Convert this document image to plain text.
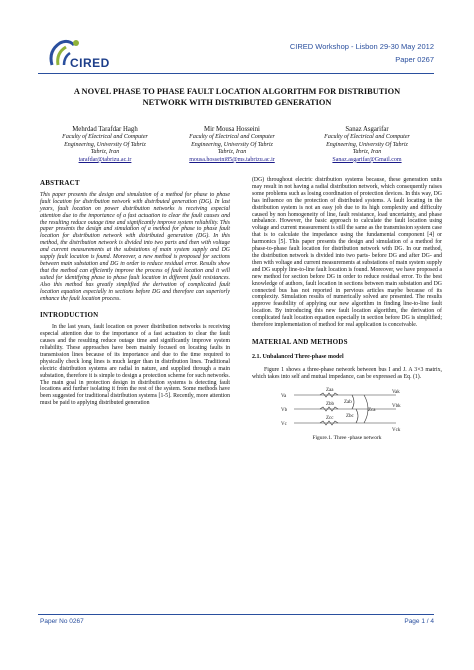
CIRED
CIRED Workshop - Lisbon 29-30 May 2012
Paper 0267
A NOVEL PHASE TO PHASE FAULT LOCATION ALGORITHM FOR DISTRIBUTION
NETWORK WITH DISTRIBUTED GENERATION
Mehrdad Tarafdar Hagh
Faculty of Electrical and Computer
Engineering, University Of Tabriz
Tabriz, Iran
tarafdar@tabrizu.ac.ir
Mir Mousa Hosseini
Faculty of Electrical and Computer
Engineering, University Of Tabriz
Tabriz, Iran
mousa.hosseini85@ms.tabrizu.ac.ir
Sanaz Asgarifar
Faculty of Electrical and Computer
Engineering, University Of Tabriz
Tabriz, Iran
Sanaz.asgarifar@Gmail.com
ABSTRACT

This paper presents the design and simulation of a method for phase to phase fault location for distribution network with distributed generation (DG). In last years, fault location on power distribution networks is receiving especial attention due to the importance of a fast actuation to clear the fault causes and the resulting reduce outage time and significantly improve system reliability. This paper presents the design and simulation of a method for phase to phase fault location for distribution network with distributed generation (DG). In this method, the distribution network is divided into two parts and then with voltage and current measurements at the substations of main system supply and DG supply fault location is found. Moreover, a new method is proposed for sections between main substation and DG in order to reduce residual error. Results show that the method can efficiently improve the process of fault location and it will suited for identifying phase to phase fault location in different fault resistances. Also this method has greatly simplified the derivation of complicated fault location equation especially in sections before DG and therefore can superiorly enhance the fault location process.

INTRODUCTION

In the last years, fault location on power distribution networks is receiving especial attention due to the importance of a fast actuation to clear the fault causes and the resulting reduce outage time and significantly improve system reliability. These approaches have been mainly focused on locating faults in transmission lines because of its importance and due to the time required to physically check long lines is much larger than in distribution lines. Traditional electric distribution systems are radial in nature, and supplied through a main substation, therefore it is simple to design a protection scheme for such networks. The main goal in protection design in distribution systems is detecting fault locations and further isolating it from the rest of the system. Some methods have been suggested for traditional distribution systems [1-5]. Recently, more attention must be paid to applying distributed generation

(DG) throughout electric distribution systems because, these generation units may result in not having a radial distribution network, which consequently raises some problems such as losing coordination of protection devices. In this way, DG has influence on the protection of distributed systems. A fault locating in the distribution system is not an easy job due to its high complexity and difficulty caused by non homogeneity of line, fault resistance, load uncertainty, and phase unbalance. However, the basic approach to calculate the fault location using voltage and current measurement is still the same as the transmission system case that is to calculate the impedance using the fundamental component [4] or harmonics [5]. This paper presents the design and simulation of a method for phase-to-phase fault location for distribution network with DG. In our method, the distribution network is divided into two parts- before DG and after DG- and then with voltage and current measurements at substations of main system supply and DG supply line-to-line fault location is found. Moreover, we have proposed a new method for section before DG in order to reduce residual error. To the best knowledge of authors, fault location in sections between main substation and DG connected bus has not reported in pervious articles maybe because of its complexity. Simulation results of numerically solved are presented. The results approve feasibility of applying our new algorithm in finding line-to-line fault location. By introducing this new fault location algorithm, the derivation of complicated fault location equation especially in section before DG is simplified; therefore implementation of method for real application is conceivable.

MATERIAL AND METHODS
2.1. Unbalanced Three-phase model

Figure 1 shows a three-phase network between bus I and J. A 3×3 matrix, which takes into self and mutual impedance, can be expressed as Eq. (1).

Va
Vb
Vc
Zaa
Zbb
Zcc
Zab
Zbc
Zca
Vak
Vbk
Vck
Figure.1. Three -phase network
Paper No 0267	Page 1 / 4
